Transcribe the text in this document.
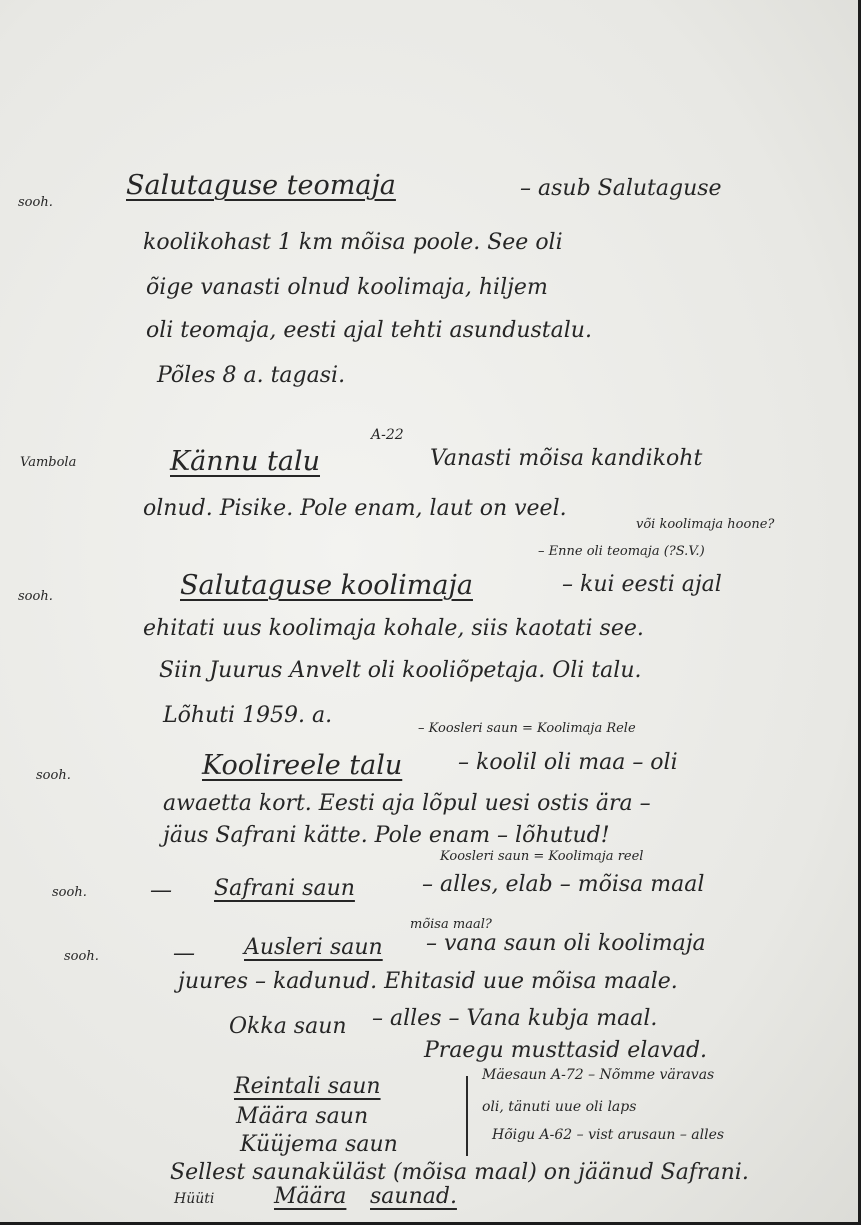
sooh.
Salutaguse teomaja	– asub Salutaguse
koolikohast 1 km mõisa poole. See oli
õige vanasti olnud koolimaja, hiljem
oli teomaja, eesti ajal tehti asundustalu.
Põles 8 a. tagasi.
Vambola
A-22
Kännu talu	Vanasti mõisa kandikoht
olnud. Pisike. Pole enam, laut on veel.
või koolimaja hoone?
– Enne oli teomaja (?S.V.)
sooh.	Salutaguse koolimaja	– kui eesti ajal
ehitati uus koolimaja kohale, siis kaotati see.
Siin Juurus Anvelt oli kooliõpetaja. Oli talu.
Lõhuti 1959. a.
– Koosleri saun = Koolimaja Rele
sooh.	Koolireele talu	– koolil oli maa – oli
awaetta kort. Eesti aja lõpul uesi ostis ära –
jäus Safrani kätte. Pole enam – lõhutud!
Koosleri saun = Koolimaja reel
sooh.	— Safrani saun	– alles, elab – mõisa maal
mõisa maal?
sooh.	— Ausleri saun – vana saun oli koolimaja
juures – kadunud. Ehitasid uue mõisa maale.
Okka saun – alles – Vana kubja maal.
Praegu musttasid elavad.
Reintali saun
Määra saun
Küüjema saun
Mäesaun A-72 – Nõmme väravas
oli, tänuti uue oli laps
Hõigu A-62 – vist arusaun – alles
Sellest saunaküläst (mõisa maal) on jäänud Safrani.
Hüüti	Määra saunad.
